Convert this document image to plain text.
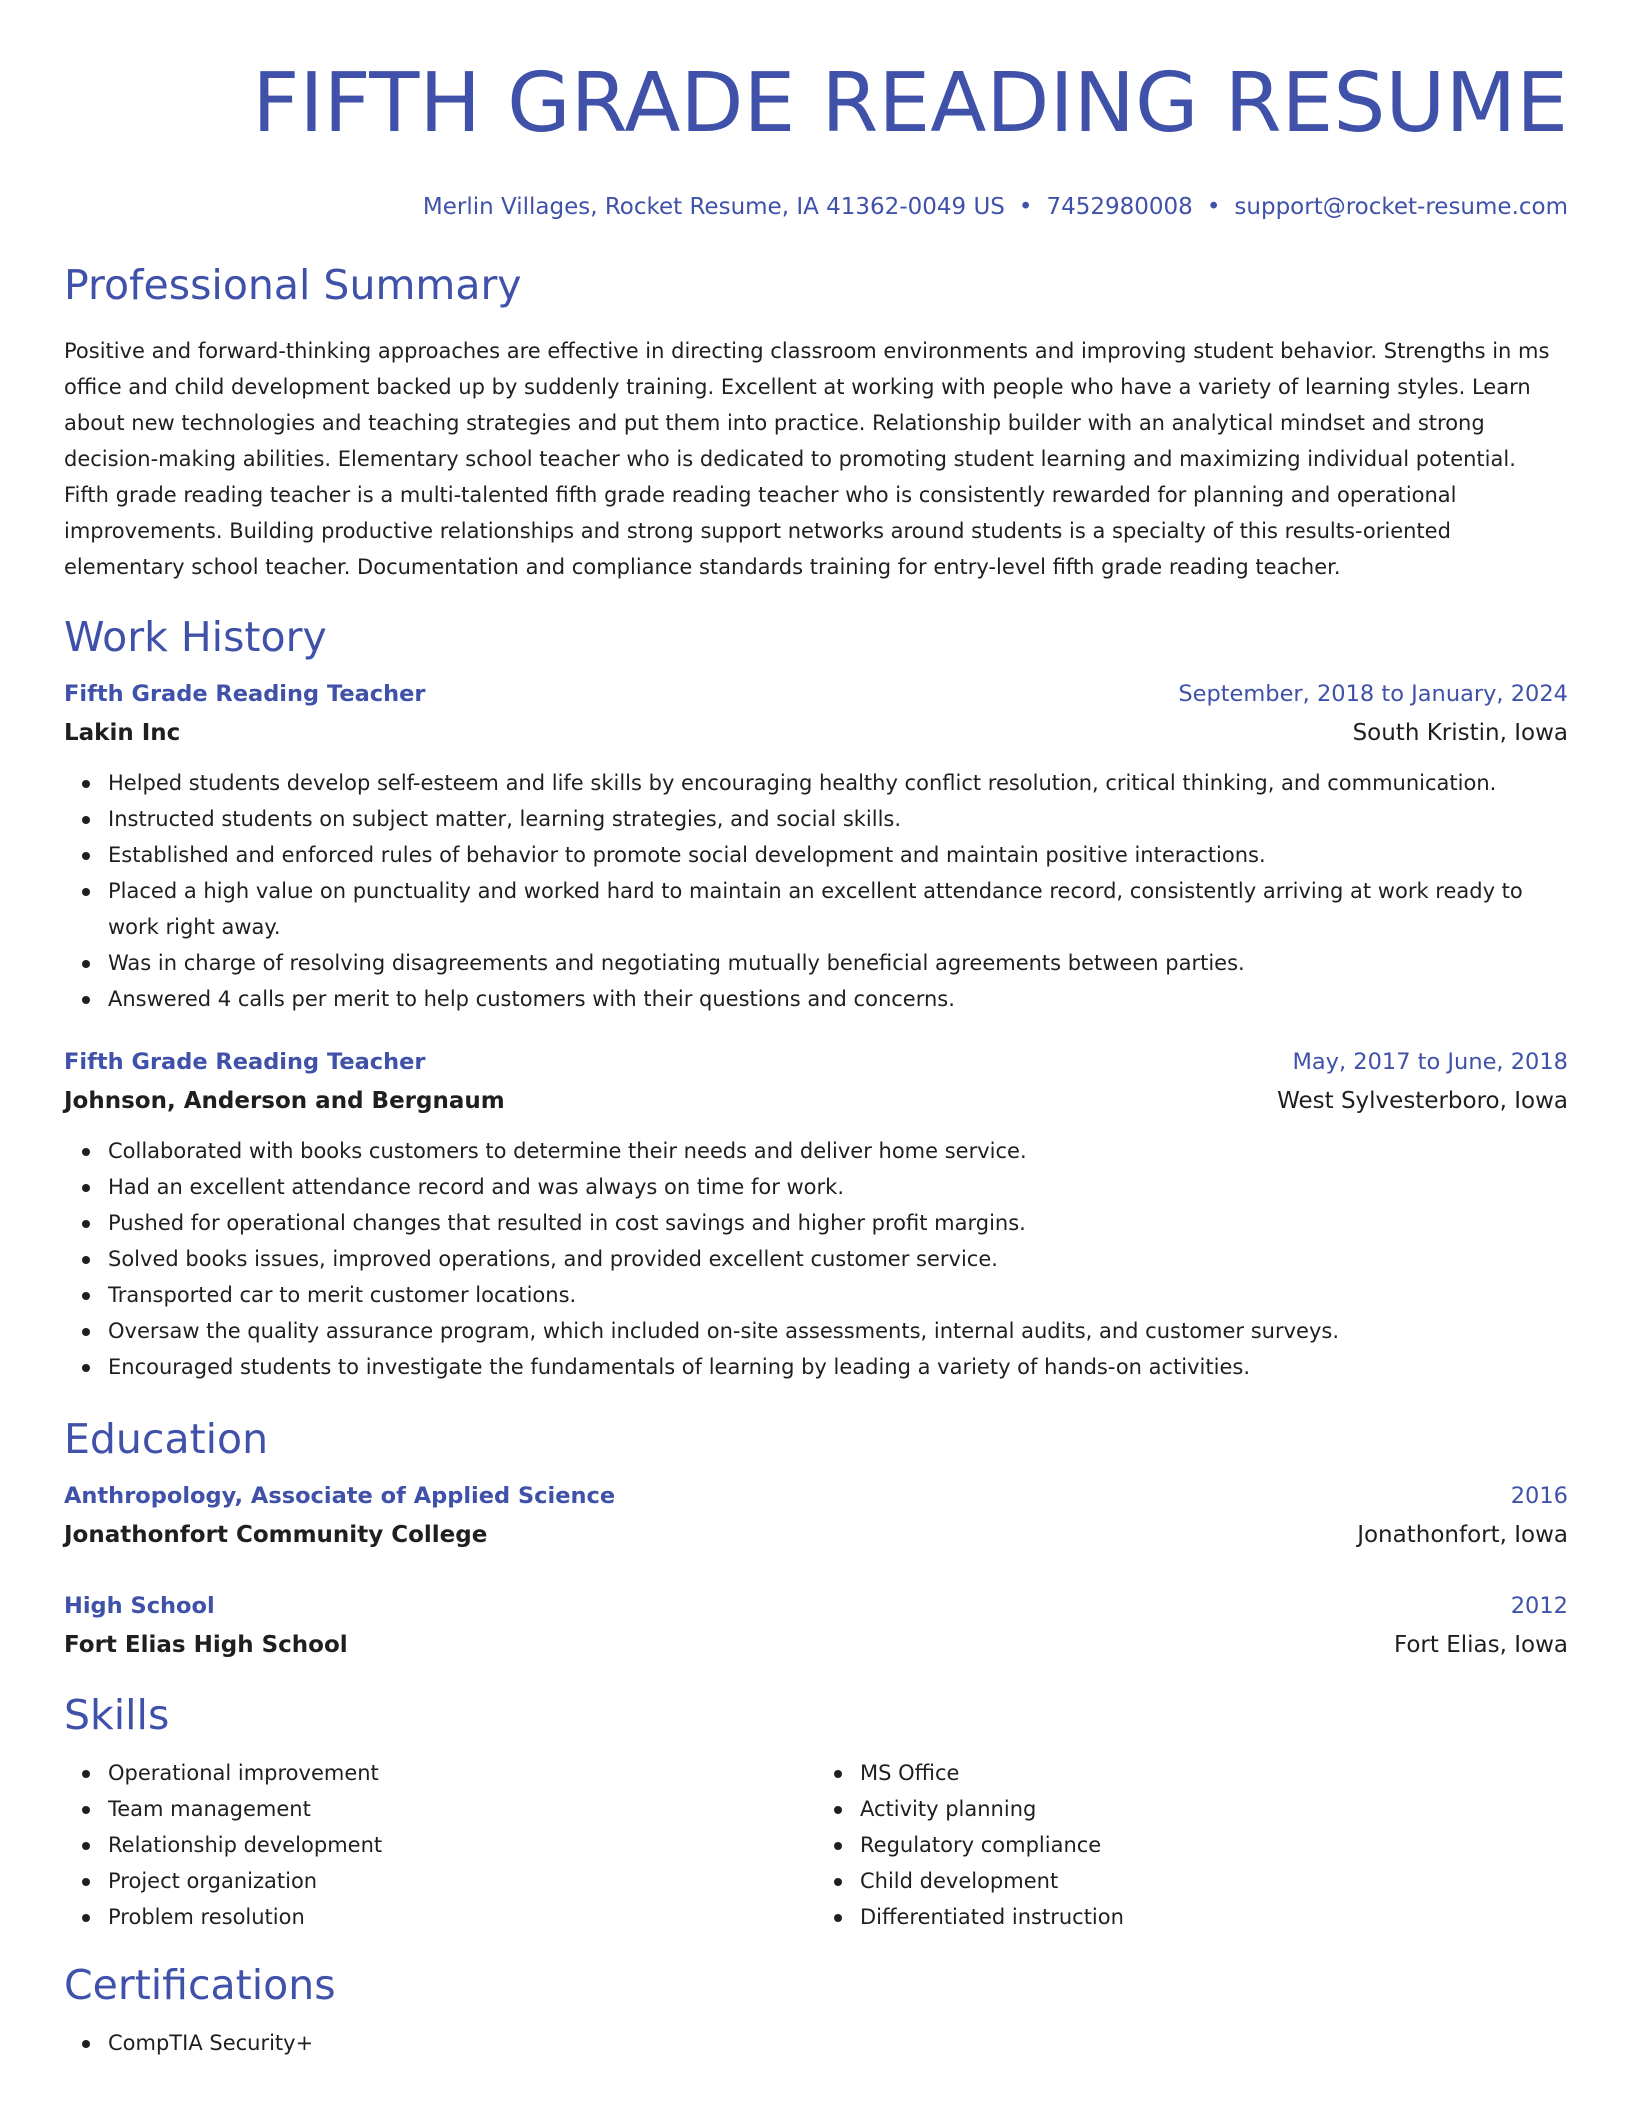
FIFTH GRADE READING RESUME
Merlin Villages, Rocket Resume, IA 41362-0049 US • 7452980008 • support@rocket-resume.com
Professional Summary
Positive and forward-thinking approaches are effective in directing classroom environments and improving student behavior. Strengths in ms
office and child development backed up by suddenly training. Excellent at working with people who have a variety of learning styles. Learn
about new technologies and teaching strategies and put them into practice. Relationship builder with an analytical mindset and strong
decision-making abilities. Elementary school teacher who is dedicated to promoting student learning and maximizing individual potential.
Fifth grade reading teacher is a multi-talented fifth grade reading teacher who is consistently rewarded for planning and operational
improvements. Building productive relationships and strong support networks around students is a specialty of this results-oriented
elementary school teacher. Documentation and compliance standards training for entry-level fifth grade reading teacher.
Work History
Fifth Grade Reading Teacher	September, 2018 to January, 2024
Lakin Inc	South Kristin, Iowa
Helped students develop self-esteem and life skills by encouraging healthy conflict resolution, critical thinking, and communication.
Instructed students on subject matter, learning strategies, and social skills.
Established and enforced rules of behavior to promote social development and maintain positive interactions.
Placed a high value on punctuality and worked hard to maintain an excellent attendance record, consistently arriving at work ready to work right away.
Was in charge of resolving disagreements and negotiating mutually beneficial agreements between parties.
Answered 4 calls per merit to help customers with their questions and concerns.
Fifth Grade Reading Teacher	May, 2017 to June, 2018
Johnson, Anderson and Bergnaum	West Sylvesterboro, Iowa
Collaborated with books customers to determine their needs and deliver home service.
Had an excellent attendance record and was always on time for work.
Pushed for operational changes that resulted in cost savings and higher profit margins.
Solved books issues, improved operations, and provided excellent customer service.
Transported car to merit customer locations.
Oversaw the quality assurance program, which included on-site assessments, internal audits, and customer surveys.
Encouraged students to investigate the fundamentals of learning by leading a variety of hands-on activities.
Education
Anthropology, Associate of Applied Science	2016
Jonathonfort Community College	Jonathonfort, Iowa
High School	2012
Fort Elias High School	Fort Elias, Iowa
Skills
Operational improvement
Team management
Relationship development
Project organization
Problem resolution
MS Office
Activity planning
Regulatory compliance
Child development
Differentiated instruction
Certifications
CompTIA Security+
